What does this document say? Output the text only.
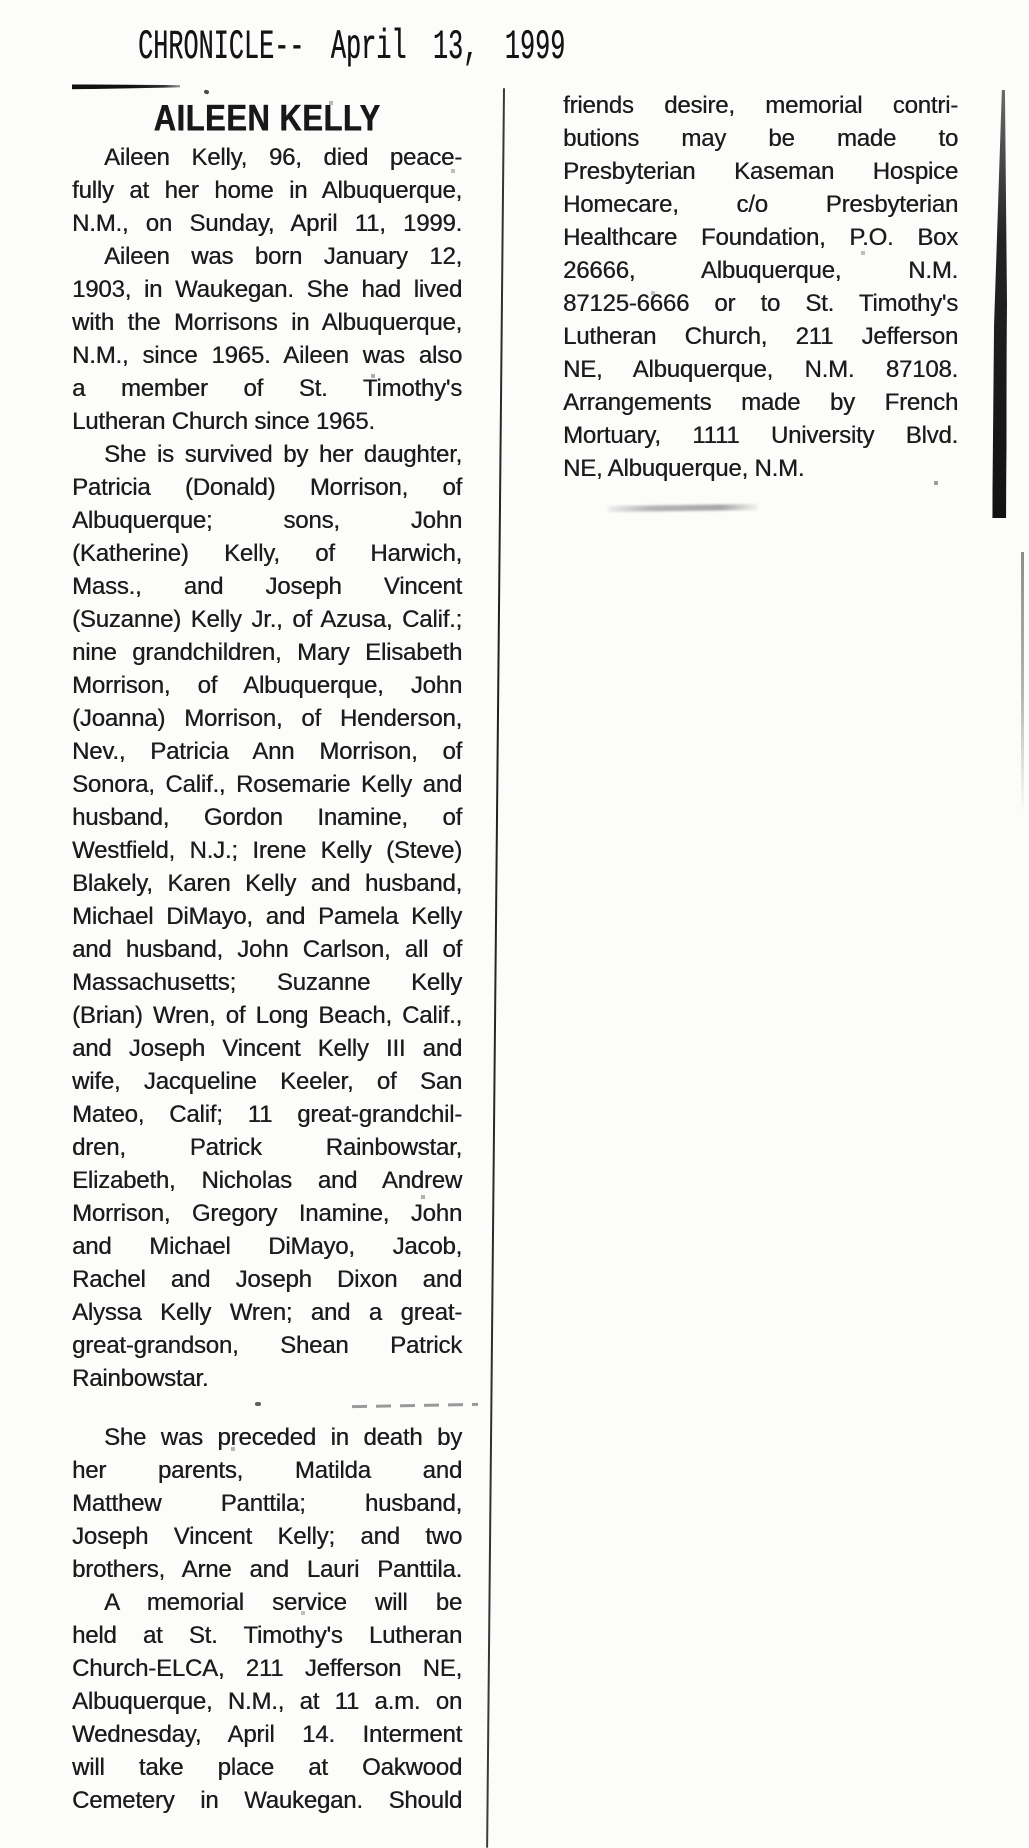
CHRONICLE-- April 13, 1999
AILEEN KELLY
Aileen Kelly, 96, died peace-
fully at her home in Albuquerque,
N.M., on Sunday, April 11, 1999.
Aileen was born January 12,
1903, in Waukegan. She had lived
with the Morrisons in Albuquerque,
N.M., since 1965. Aileen was also
a member of St. Timothy's
Lutheran Church since 1965.
She is survived by her daughter,
Patricia (Donald) Morrison, of
Albuquerque; sons, John
(Katherine) Kelly, of Harwich,
Mass., and Joseph Vincent
(Suzanne) Kelly Jr., of Azusa, Calif.;
nine grandchildren, Mary Elisabeth
Morrison, of Albuquerque, John
(Joanna) Morrison, of Henderson,
Nev., Patricia Ann Morrison, of
Sonora, Calif., Rosemarie Kelly and
husband, Gordon Inamine, of
Westfield, N.J.; Irene Kelly (Steve)
Blakely, Karen Kelly and husband,
Michael DiMayo, and Pamela Kelly
and husband, John Carlson, all of
Massachusetts; Suzanne Kelly
(Brian) Wren, of Long Beach, Calif.,
and Joseph Vincent Kelly III and
wife, Jacqueline Keeler, of San
Mateo, Calif; 11 great-grandchil-
dren, Patrick Rainbowstar,
Elizabeth, Nicholas and Andrew
Morrison, Gregory Inamine, John
and Michael DiMayo, Jacob,
Rachel and Joseph Dixon and
Alyssa Kelly Wren; and a great-
great-grandson, Shean Patrick
Rainbowstar.
She was preceded in death by
her parents, Matilda and
Matthew Panttila; husband,
Joseph Vincent Kelly; and two
brothers, Arne and Lauri Panttila.
A memorial service will be
held at St. Timothy's Lutheran
Church-ELCA, 211 Jefferson NE,
Albuquerque, N.M., at 11 a.m. on
Wednesday, April 14. Interment
will take place at Oakwood
Cemetery in Waukegan. Should
friends desire, memorial contri-
butions may be made to
Presbyterian Kaseman Hospice
Homecare, c/o Presbyterian
Healthcare Foundation, P.O. Box
26666, Albuquerque, N.M.
87125-6666 or to St. Timothy's
Lutheran Church, 211 Jefferson
NE, Albuquerque, N.M. 87108.
Arrangements made by French
Mortuary, 1111 University Blvd.
NE, Albuquerque, N.M.
